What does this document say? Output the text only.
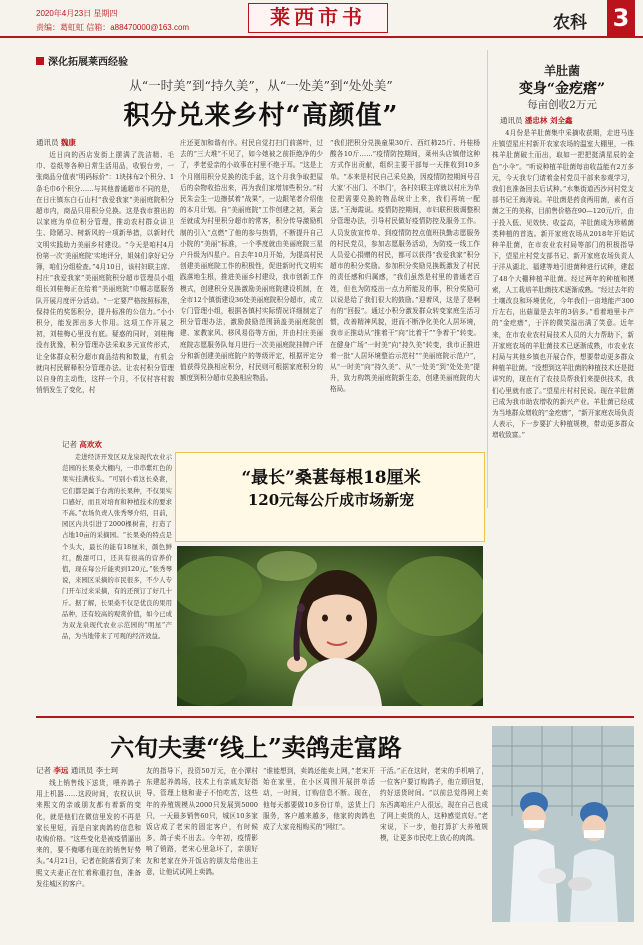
2020年4月23日 星期四
责编：葛虹虹 信箱：a88470000@163.com	莱西市书	农科 3
深化拓展莱西经验
从“一时美”到“持久美”，从“一处美”到“处处美”
积分兑来乡村“高颜值”
通讯员 魏康
近日向的西店发街上摆满了洗洁精、毛巾、卷纸等各种日常生活用品，收银台旁，一张商品分值表“明码标价”：1块抹布2个积分、1条毛巾6个积分……与其他普通超市不同的是，在日庄镇东白石山村“我爱我家”美丽庭院积分超市内，商品只用积分兑换。这是我市推出的以家庭为单位积分管理，推动农村群众讲卫生、除陋习、树新风的一项新举措，以新时代文明实践助力美丽乡村建设。“今天是咱村4月份第一次‘美丽庭院’实地评分，姐妹们拿好记分簿，咱们分组检查。”4月10日，该村妇联主席、村庄“我爱我家”美丽庭院积分超市管理员小组组长刘桂梅正在给着“美丽庭院”巾帼志愿服务队开展月度评分活动。“一定要严格按照标准，保持住的奖惩积分，提升标准的公信力。”小小积分，能发挥出多大作用。这项工作开展之初，刘桂梅心里没有底。疑惑的同时，刘桂梅没有犹豫，积分管理办法采取多元宣传形式，让全体群众积分超市商品结构和数量，有机会就向村民解释积分管理办法。让农村积分管理以自身的主动性，这样一个月，不仅村容村貌悄悄发生了变化，村
庄还更加和谐有序。村民自觉打扫门前落叶，过去的“三大堆”不见了，如今她被之前拒绝净的少了，孝老爱亲的小故事在村里不绝于耳。“这是上个月刚用积分兑换的洗手盆，这个月我争取把屋后的杂物收拾出来，再为我们家增加些积分。”村民朱会生一边擦拭着“战果”，一边跟笔者介绍他的本月计划。自“美丽庭院”工作创建之初，莱会至就成为村里积分超市的常客，积分传导激励机制的引入“点燃”了他的参与热情，不断提升自己小院的“美丽”标准，一个季度就由美丽庭院三星户升级为四星户。自去年10月开始，为提高村民创建美丽庭院工作的积极性，促进新时代文明实践落地生根，推进美丽乡村建设，我市创新工作模式，创建积分兑换激励美丽庭院建设机制，在全市12个镇街建设36处美丽庭院积分超市，成立专门管理小组，根据各镇村实际情况详细制定了积分管理办法，激励鼓励范围涵盖美丽庭院创建、家教家风、移风易俗等方面，并由村庄美丽庭院志愿服务队每月进行一次美丽庭院挂牌户评分和新创建美丽庭院户的等级评定，根据评定分值获得兑换相应积分，村民则可根据家庭积分的额度到积分超市兑换相应物品。
“我们把积分兑换童果30斤、西红柿25斤、丹桂杨酸各10斤……”疫情防控期间，莱州头店镇借这种方式作出贡献，组织主要干部每一天推收到10多单。“本来是村民自己采兑换，因疫情防控期间号召大家‘不出门、不串门’，各村妇联主席就以村庄为单位把需要兑换的物品统计上来，我们再统一配送。”王海霞说。疫情防控期间，市妇联积极调整积分管理办法，引导村民做好疫情防控及服务工作。人员发放宣传单、到疫情防控点值班执勤志愿服务的村民党员，参加志愿服务活动，为防疫一线工作人员爱心捐赠的村民，都可以获得“我爱我家”积分超市的积分奖励。参加积分奖励兑换既激发了村民的责任感和归属感，“我们虽然是村里的普通老百姓，但也为防疫出一点力所能及的事，积分奖励可以说是给了我们很大的鼓励。”迎着风，这是了是啊有的“回报”。通过小积分激发群众转变家庭生活习惯，改善精神风貌，进而不断净化美化人居环境，我市正推动从“推着干”向“比着干”“争着干”转变。在健身广场“一时美”向“持久美”转变，我市正推进着一批“人居环境整治示范村”“美丽庭院示范户”，从“一时美”向“持久美”、从“一处美”到“处处美”提升，致力构筑美丽庭院新生态，创建美丽庭院的大格局。
羊肚菌
变身“金疙瘩”
每亩创收2万元
通讯员 潘忠林 刘全鑫
4月份是羊肚菌集中采摘收获期，走进马连庄镇望星庄村新开农家农场的温室大棚里，一株株羊肚菌破土而出，取如一把把挺满星辰的金色“小伞”。“听说种植羊肚菌每亩收益能有2万多元，今天我专门请着金村党员干部来参观学习，我们也准备回去后试种。”水集街道西沙河村党支部书记王海涛说。羊肚菌是药食两用菌，素有百菌之王的美称，目前售价格在90—120元/斤，由于投入低、见效快、收益高，羊肚菌成为珍稀菌类种植的首选。新开家庭农场从2018年开始试种羊肚菌，在市农业农村局等部门的积极指导下，望星庄村党支部书记、新开家庭农场负责人于洋从湖北、福建等地引进菌种进行试种，建起了48个大棚种植羊肚菌。经过两年的种植和摸索，人工栽培羊肚菌技术逐渐成熟。“经过去年的土壤改良和环境优化，今年我们一亩地能产300斤左右，出菇量是去年的3倍多。”看着地里卡产的“金疙瘩”，于洋的微笑溢出满了笑意。近年来，在市农业农村局技术人员的大力帮助下，新开家庭农场的羊肚菌技术已逐渐成熟，市农业农村局与其他乡镇也开展合作，想要带动更多群众种植羊肚菌。“没想到这羊肚菌的种植技术还是挺讲究的，现在有了农技员帮我们来提供技术，我们心里就有底了。”望星庄村村民说。现在羊肚菌已成为我市助农增收的新兴产业。羊肚菌已经成为当地群众增收的“金疙瘩”，“新开家庭农场负责人表示，下一步要扩大种植规模，带动更多群众增收致富。”
“最长”桑葚每根18厘米
120元每公斤成市场新宠
记者 高欢欢
走进经济开发区双龙泉现代农业示范园的长果桑大棚内，一串串紫红色的果实挂满枝头。“可别小看这长桑葚，它们都是属于台湾的长果种，不仅果实口感好，而且对培育和种植技术的要求不高。”农场负责人张秀琴介绍，目前，园区内共引进了2000棵树苗，打造了占地10亩的采摘园。“长果桑的特点是个头大，最长的能有18厘米，颜色鲜红，酸甜可口，还具有很高的营养价值，现在每公斤能卖到120元。”张秀琴说，来园区采摘的市民很多，不少人专门开车过来采摘，有的还预订了好几十斤。据了解，长果桑不仅是优良的果用品种，还有较高的观赏价值，如今已成为双龙泉现代农业示范园的“明星”产品，为当地带来了可观的经济效益。
六旬夫妻“线上”卖鸽走富路
记者 李远 通讯员 李士珂
线上销售线下送货，喂养鸽子用上机器……这段时间，农权认识来熙文的亲戚朋友都有着新的变化，就是他们在微信里发的不再是家长里短，而是自家肉鸽的信息和收购价格。“这些变化是被疫情逼出来的，要不俺哪有现在的销售好势头。”4月21日，记者在院落看到了来熙文夫妻正在忙着称重打包，准备发往城区的客户。
友的指导下，投资50万元，在小潭村东建起养鸽场，技术上有亲戚友好指导，管理上他和妻子不怕吃苦，这些年的养殖规模从2000只发展到5000只，一天最多销售60只，城区10多家饭店成了老宋的固定客户，有时候多，鸽子卖不出去。今年初，疫情影响了销路，老宋心里急坏了，亲朋好友和老家在外开饭店的朋友给他出主意，让他试试网上卖鸽。
“谁能想到，卖鸽还能卖上网，”老宋开始在家里，在小区周围开展拼单活动，一时间，订购信息不断。现在，他每天都要做10多份订单，送货上门服务，客户越来越多，他家的肉鸽也成了大家竞相购买的“网红”。
干活。”正在这时，老宋的手机响了，一位客户要订购鸽子，他立即回复，约好送货时间。“以前总觉得网上卖东西离咱庄户人很远，现在自己也成了网上卖货的人，这种感觉真好。”老宋说，下一步，他打算扩大养殖规模，让更多市民吃上放心的肉鸽。
